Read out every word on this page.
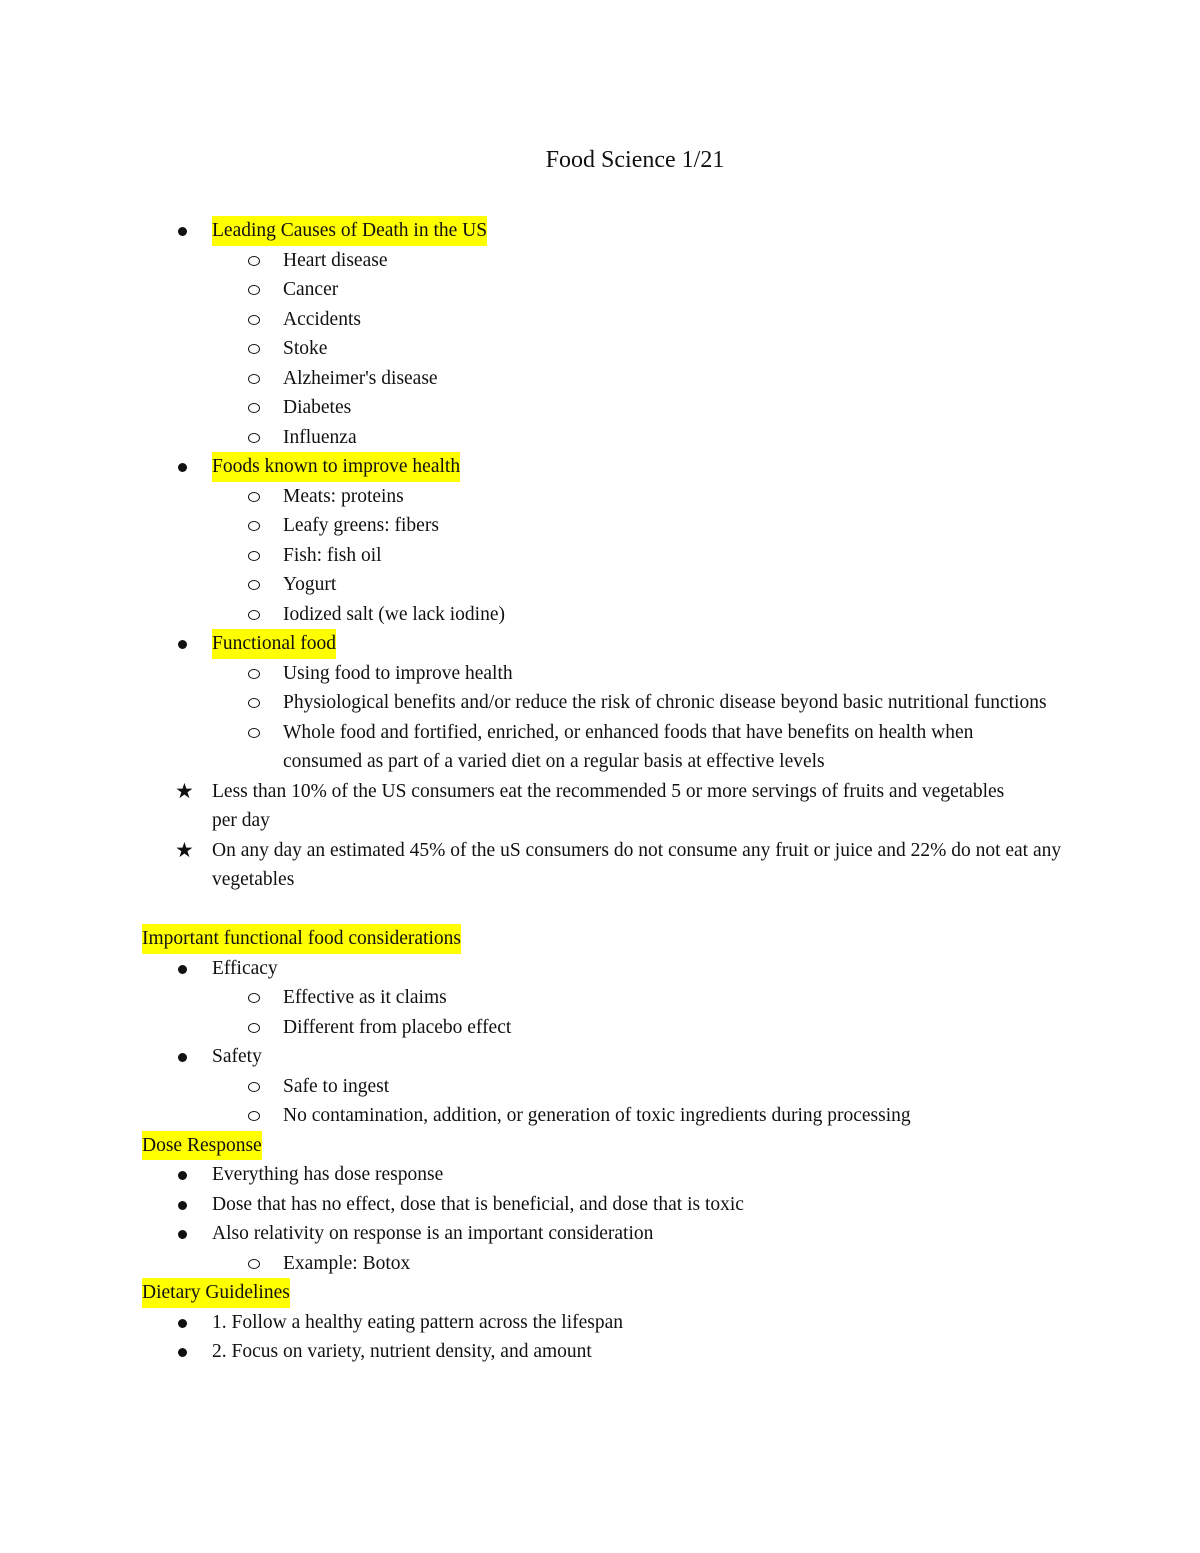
Food Science 1/21
Leading Causes of Death in the US
Heart disease
Cancer
Accidents
Stoke
Alzheimer's disease
Diabetes
Influenza
Foods known to improve health
Meats: proteins
Leafy greens: fibers
Fish: fish oil
Yogurt
Iodized salt (we lack iodine)
Functional food
Using food to improve health
Physiological benefits and/or reduce the risk of chronic disease beyond basic nutritional functions
Whole food and fortified, enriched, or enhanced foods that have benefits on health when consumed as part of a varied diet on a regular basis at effective levels
★ Less than 10% of the US consumers eat the recommended 5 or more servings of fruits and vegetables per day
★ On any day an estimated 45% of the uS consumers do not consume any fruit or juice and 22% do not eat any vegetables
Important functional food considerations
Efficacy
Effective as it claims
Different from placebo effect
Safety
Safe to ingest
No contamination, addition, or generation of toxic ingredients during processing
Dose Response
Everything has dose response
Dose that has no effect, dose that is beneficial, and dose that is toxic
Also relativity on response is an important consideration
Example: Botox
Dietary Guidelines
1. Follow a healthy eating pattern across the lifespan
2. Focus on variety, nutrient density, and amount
